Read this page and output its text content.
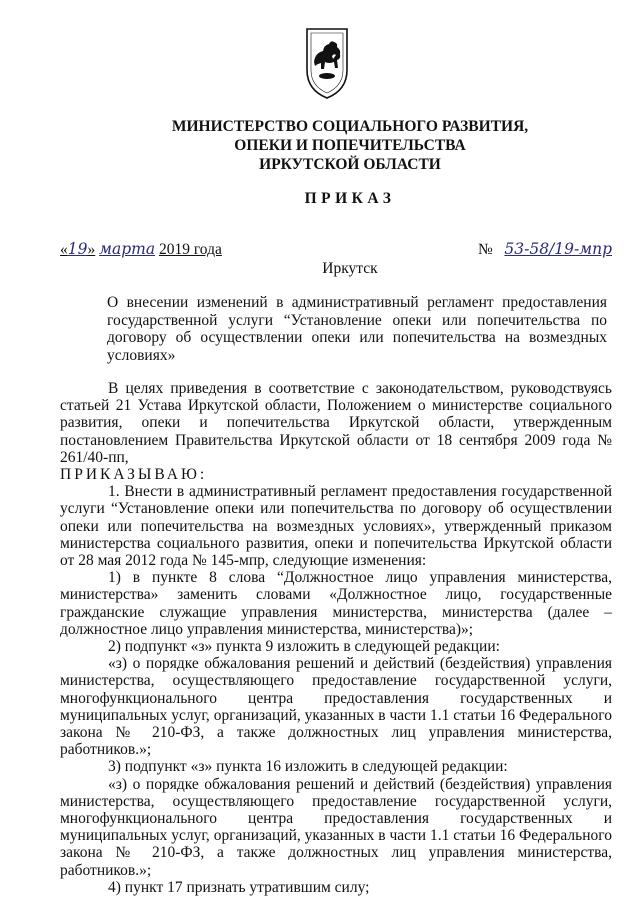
МИНИСТЕРСТВО СОЦИАЛЬНОГО РАЗВИТИЯ,
ОПЕКИ И ПОПЕЧИТЕЛЬСТВА
ИРКУТСКОЙ ОБЛАСТИ
ПРИКАЗ
«19» марта 2019 года	№ 53-58/19-мпр
Иркутск
О внесении изменений в административный регламент предоставления государственной услуги “Установление опеки или попечительства по договору об осуществлении опеки или попечительства на возмездных условиях»

В целях приведения в соответствие с законодательством, руководствуясь статьей 21 Устава Иркутской области, Положением о министерстве социального развития, опеки и попечительства Иркутской области, утвержденным постановлением Правительства Иркутской области от 18 сентября 2009 года № 261/40-пп,

ПРИКАЗЫВАЮ:

1. Внести в административный регламент предоставления государственной услуги “Установление опеки или попечительства по договору об осуществлении опеки или попечительства на возмездных условиях», утвержденный приказом министерства социального развития, опеки и попечительства Иркутской области от 28 мая 2012 года № 145-мпр, следующие изменения:

1) в пункте 8 слова “Должностное лицо управления министерства, министерства» заменить словами «Должностное лицо, государственные гражданские служащие управления министерства, министерства (далее – должностное лицо управления министерства, министерства)»;

2) подпункт «з» пункта 9 изложить в следующей редакции:

«з) о порядке обжалования решений и действий (бездействия) управления министерства, осуществляющего предоставление государственной услуги, многофункционального центра предоставления государственных и муниципальных услуг, организаций, указанных в части 1.1 статьи 16 Федерального закона № 210-ФЗ, а также должностных лиц управления министерства, работников.»;

3) подпункт «з» пункта 16 изложить в следующей редакции:

«з) о порядке обжалования решений и действий (бездействия) управления министерства, осуществляющего предоставление государственной услуги, многофункционального центра предоставления государственных и муниципальных услуг, организаций, указанных в части 1.1 статьи 16 Федерального закона № 210-ФЗ, а также должностных лиц управления министерства, работников.»;

4) пункт 17 признать утратившим силу;
